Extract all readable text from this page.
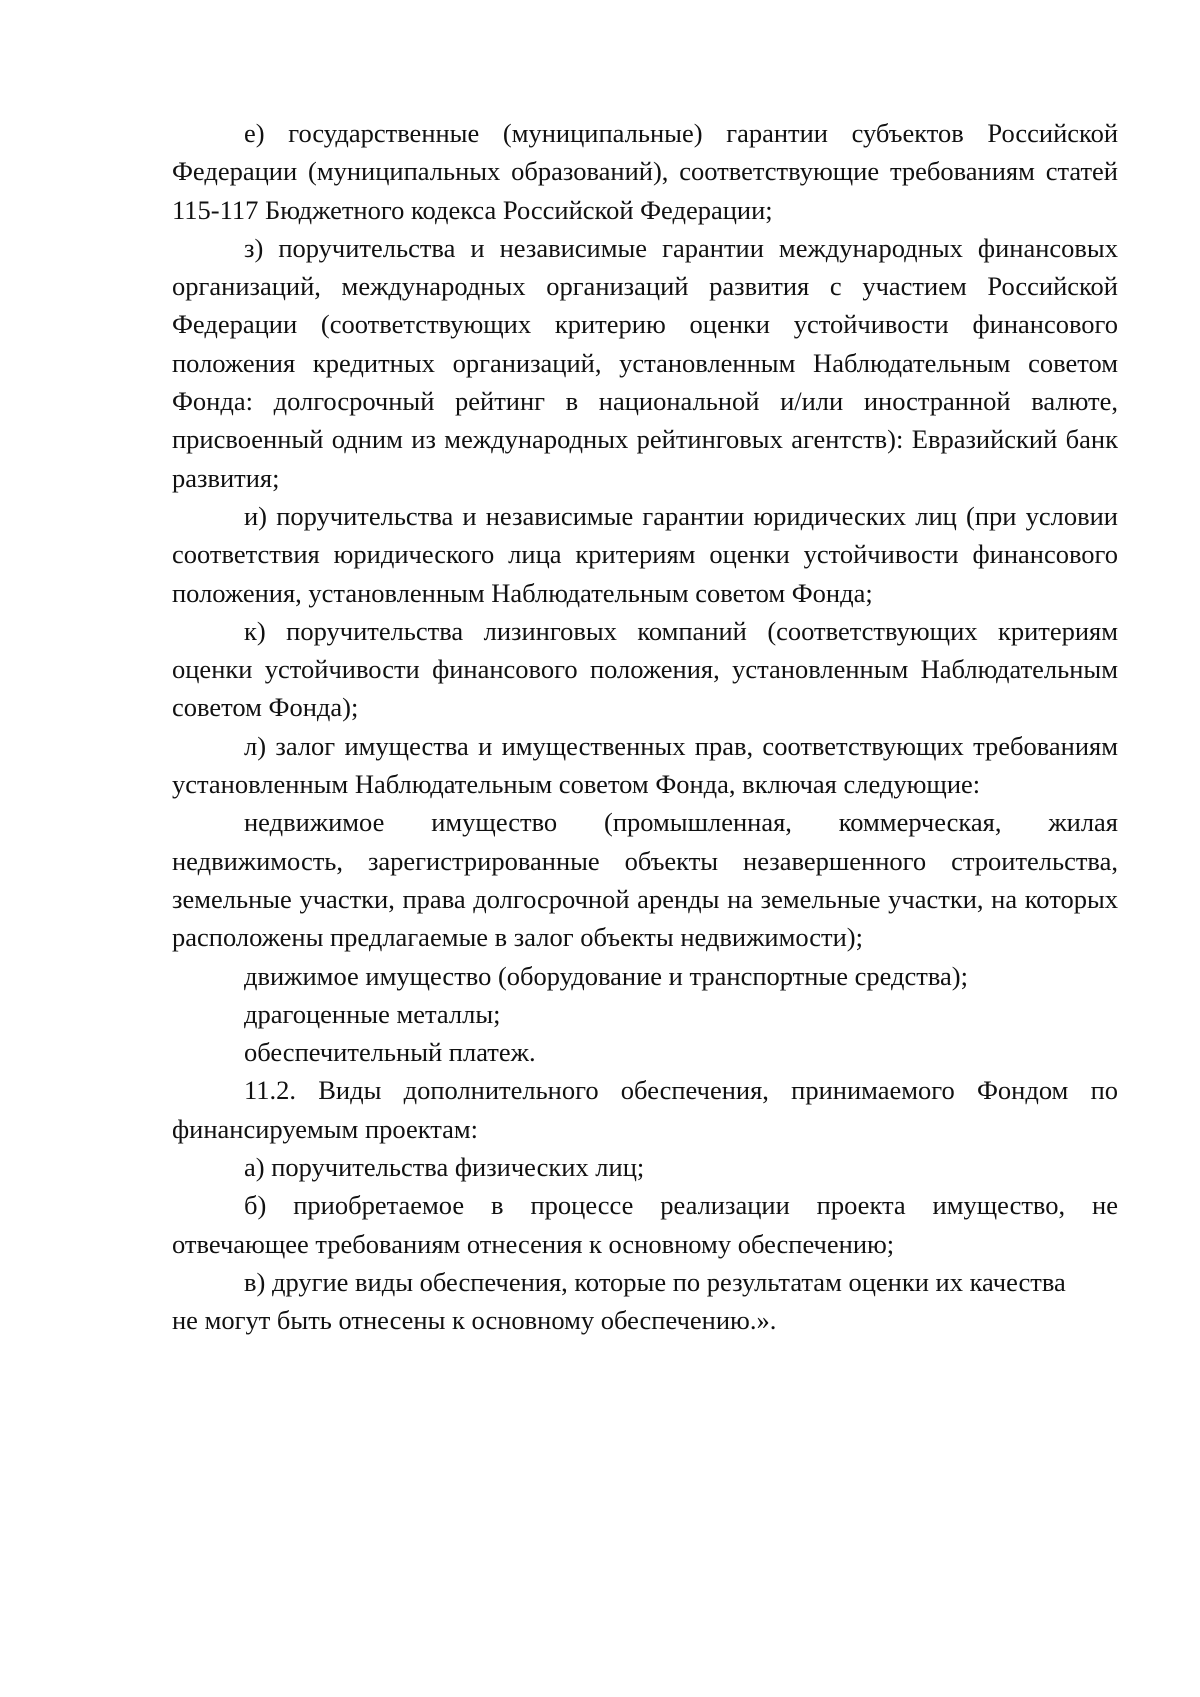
е) государственные (муниципальные) гарантии субъектов Российской Федерации (муниципальных образований), соответствующие требованиям статей 115-117 Бюджетного кодекса Российской Федерации;

з) поручительства и независимые гарантии международных финансовых организаций, международных организаций развития с участием Российской Федерации (соответствующих критерию оценки устойчивости финансового положения кредитных организаций, установленным Наблюдательным советом Фонда: долгосрочный рейтинг в национальной и/или иностранной валюте, присвоенный одним из международных рейтинговых агентств): Евразийский банк развития;

и) поручительства и независимые гарантии юридических лиц (при условии соответствия юридического лица критериям оценки устойчивости финансового положения, установленным Наблюдательным советом Фонда;

к) поручительства лизинговых компаний (соответствующих критериям оценки устойчивости финансового положения, установленным Наблюдательным советом Фонда);

л) залог имущества и имущественных прав, соответствующих требованиям установленным Наблюдательным советом Фонда, включая следующие:

недвижимое имущество (промышленная, коммерческая, жилая недвижимость, зарегистрированные объекты незавершенного строительства, земельные участки, права долгосрочной аренды на земельные участки, на которых расположены предлагаемые в залог объекты недвижимости);

движимое имущество (оборудование и транспортные средства);

драгоценные металлы;

обеспечительный платеж.

11.2. Виды дополнительного обеспечения, принимаемого Фондом по финансируемым проектам:

а) поручительства физических лиц;

б) приобретаемое в процессе реализации проекта имущество, не отвечающее требованиям отнесения к основному обеспечению;

в) другие виды обеспечения, которые по результатам оценки их качества

не могут быть отнесены к основному обеспечению.».
